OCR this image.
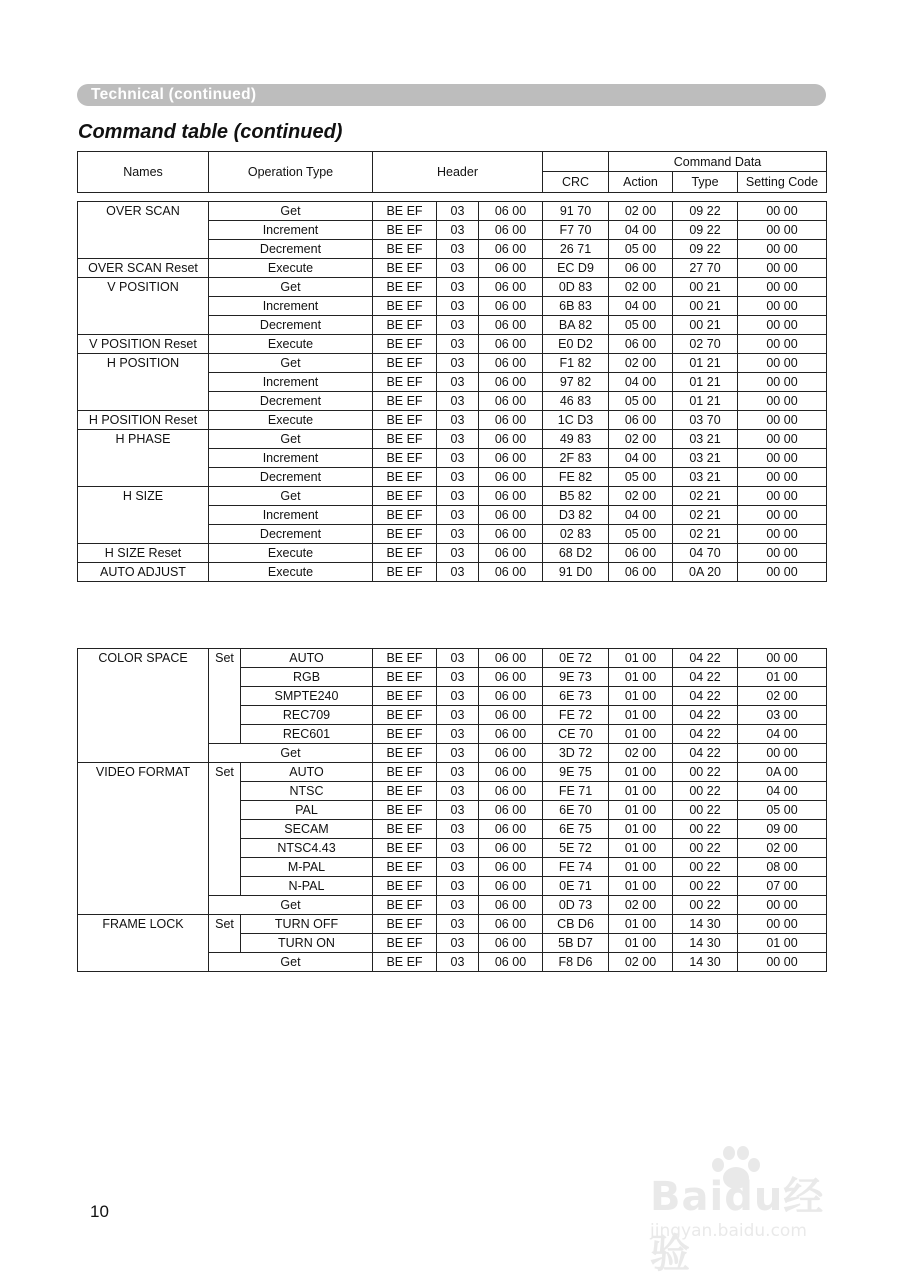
Technical (continued)
Command table (continued)
Names	Operation Type	Header		Command Data		
			CRC	Action	Type	Setting Code
OVER SCAN	Get	BE EF	03	06 00	91 70	02 00	09 22	00 00
	Increment	BE EF	03	06 00	F7 70	04 00	09 22	00 00
	Decrement	BE EF	03	06 00	26 71	05 00	09 22	00 00
OVER SCAN Reset	Execute	BE EF	03	06 00	EC D9	06 00	27 70	00 00
V POSITION	Get	BE EF	03	06 00	0D 83	02 00	00 21	00 00
	Increment	BE EF	03	06 00	6B 83	04 00	00 21	00 00
	Decrement	BE EF	03	06 00	BA 82	05 00	00 21	00 00
V POSITION Reset	Execute	BE EF	03	06 00	E0 D2	06 00	02 70	00 00
H POSITION	Get	BE EF	03	06 00	F1 82	02 00	01 21	00 00
	Increment	BE EF	03	06 00	97 82	04 00	01 21	00 00
	Decrement	BE EF	03	06 00	46 83	05 00	01 21	00 00
H POSITION Reset	Execute	BE EF	03	06 00	1C D3	06 00	03 70	00 00
H PHASE	Get	BE EF	03	06 00	49 83	02 00	03 21	00 00
	Increment	BE EF	03	06 00	2F 83	04 00	03 21	00 00
	Decrement	BE EF	03	06 00	FE 82	05 00	03 21	00 00
H SIZE	Get	BE EF	03	06 00	B5 82	02 00	02 21	00 00
	Increment	BE EF	03	06 00	D3 82	04 00	02 21	00 00
	Decrement	BE EF	03	06 00	02 83	05 00	02 21	00 00
H SIZE Reset	Execute	BE EF	03	06 00	68 D2	06 00	04 70	00 00
AUTO ADJUST	Execute	BE EF	03	06 00	91 D0	06 00	0A 20	00 00
COLOR SPACE	Set	AUTO	BE EF	03	06 00	0E 72	01 00	04 22	00 00
		RGB	BE EF	03	06 00	9E 73	01 00	04 22	01 00
		SMPTE240	BE EF	03	06 00	6E 73	01 00	04 22	02 00
		REC709	BE EF	03	06 00	FE 72	01 00	04 22	03 00
		REC601	BE EF	03	06 00	CE 70	01 00	04 22	04 00
	Get		BE EF	03	06 00	3D 72	02 00	04 22	00 00
VIDEO FORMAT	Set	AUTO	BE EF	03	06 00	9E 75	01 00	00 22	0A 00
		NTSC	BE EF	03	06 00	FE 71	01 00	00 22	04 00
		PAL	BE EF	03	06 00	6E 70	01 00	00 22	05 00
		SECAM	BE EF	03	06 00	6E 75	01 00	00 22	09 00
		NTSC4.43	BE EF	03	06 00	5E 72	01 00	00 22	02 00
		M-PAL	BE EF	03	06 00	FE 74	01 00	00 22	08 00
		N-PAL	BE EF	03	06 00	0E 71	01 00	00 22	07 00
	Get		BE EF	03	06 00	0D 73	02 00	00 22	00 00
FRAME LOCK	Set	TURN OFF	BE EF	03	06 00	CB D6	01 00	14 30	00 00
		TURN ON	BE EF	03	06 00	5B D7	01 00	14 30	01 00
	Get		BE EF	03	06 00	F8 D6	02 00	14 30	00 00
10	Baidu经验
jingyan.baidu.com
